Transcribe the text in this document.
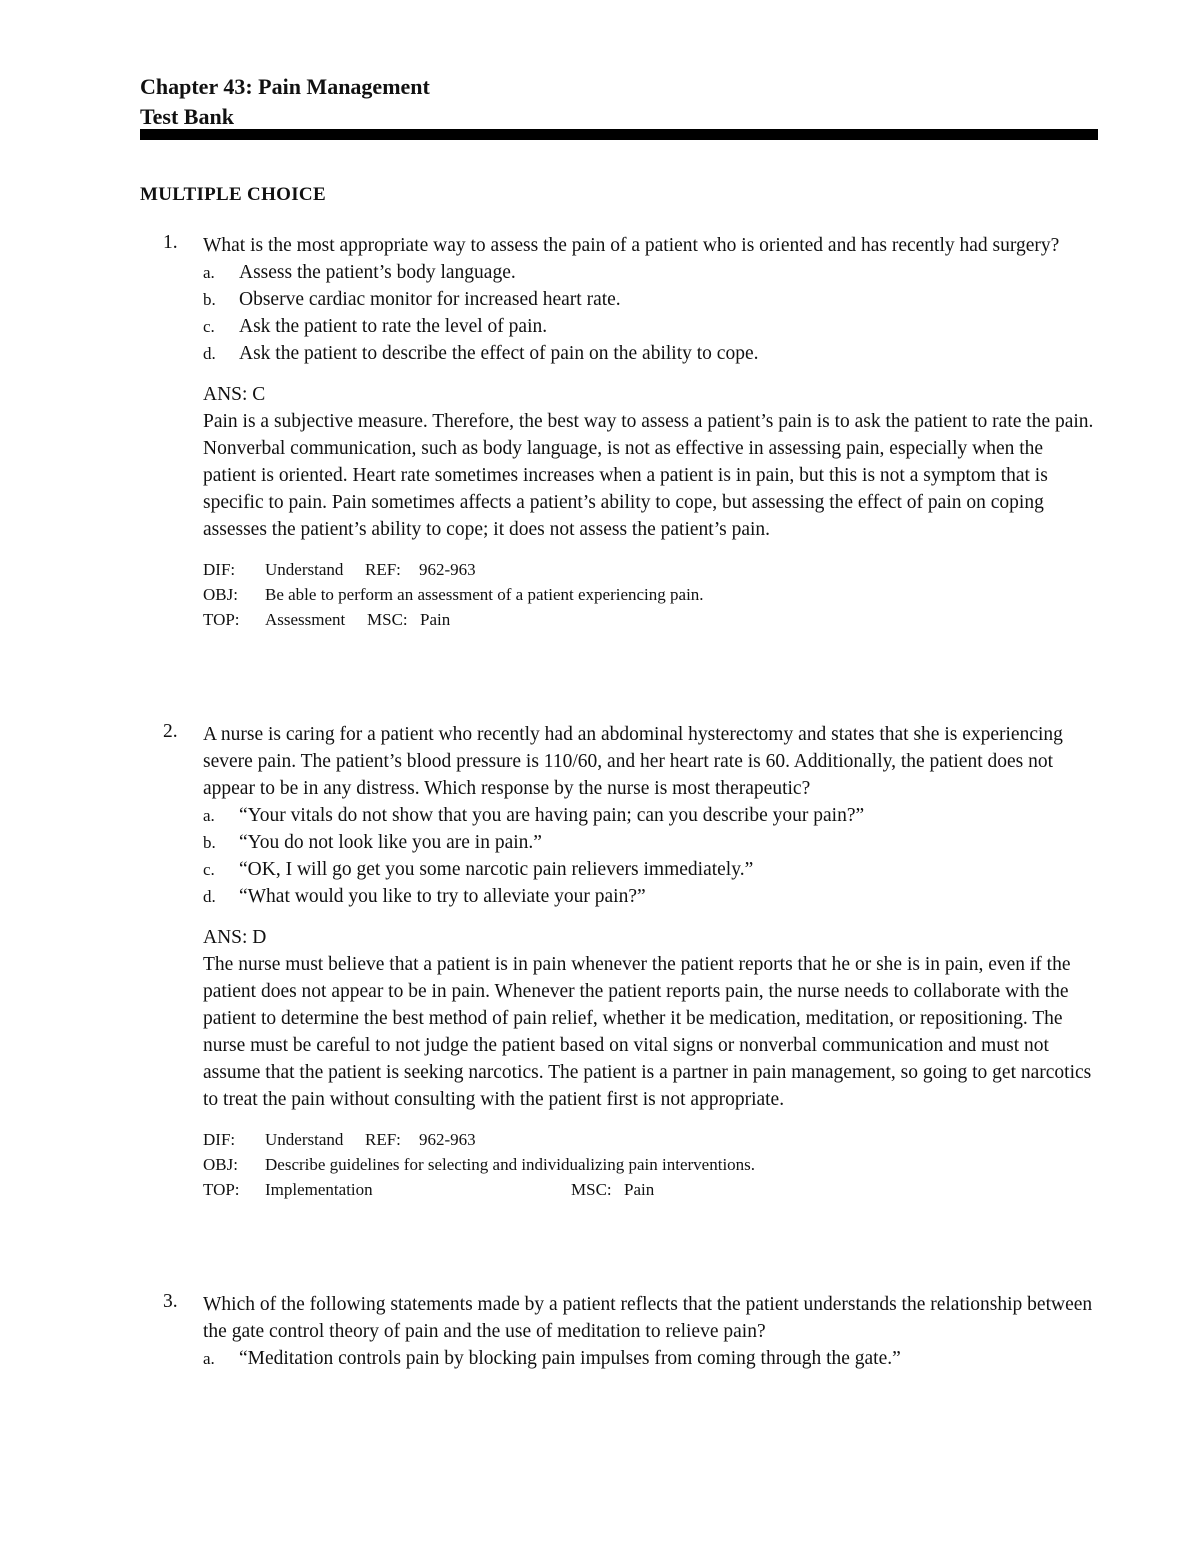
Chapter 43: Pain Management
Test Bank
MULTIPLE CHOICE
1.	What is the most appropriate way to assess the pain of a patient who is oriented and has recently had surgery?

a.	Assess the patient’s body language.
b.	Observe cardiac monitor for increased heart rate.
c.	Ask the patient to rate the level of pain.
d.	Ask the patient to describe the effect of pain on the ability to cope.

ANS: C

Pain is a subjective measure. Therefore, the best way to assess a patient’s pain is to ask the patient to rate the pain. Nonverbal communication, such as body language, is not as effective in assessing pain, especially when the patient is oriented. Heart rate sometimes increases when a patient is in pain, but this is not a symptom that is specific to pain. Pain sometimes affects a patient’s ability to cope, but assessing the effect of pain on coping assesses the patient’s ability to cope; it does not assess the patient’s pain.

DIF:	Understand	REF:	962-963
OBJ:	Be able to perform an assessment of a patient experiencing pain.
TOP:	Assessment	MSC: Pain
2.	A nurse is caring for a patient who recently had an abdominal hysterectomy and states that she is experiencing severe pain. The patient’s blood pressure is 110/60, and her heart rate is 60. Additionally, the patient does not appear to be in any distress. Which response by the nurse is most therapeutic?

a.	“Your vitals do not show that you are having pain; can you describe your pain?”
b.	“You do not look like you are in pain.”
c.	“OK, I will go get you some narcotic pain relievers immediately.”
d.	“What would you like to try to alleviate your pain?”

ANS: D

The nurse must believe that a patient is in pain whenever the patient reports that he or she is in pain, even if the patient does not appear to be in pain. Whenever the patient reports pain, the nurse needs to collaborate with the patient to determine the best method of pain relief, whether it be medication, meditation, or repositioning. The nurse must be careful to not judge the patient based on vital signs or nonverbal communication and must not assume that the patient is seeking narcotics. The patient is a partner in pain management, so going to get narcotics to treat the pain without consulting with the patient first is not appropriate.

DIF:	Understand	REF:	962-963
OBJ:	Describe guidelines for selecting and individualizing pain interventions.
TOP:	Implementation	MSC: Pain
3.	Which of the following statements made by a patient reflects that the patient understands the relationship between the gate control theory of pain and the use of meditation to relieve pain?

a.	“Meditation controls pain by blocking pain impulses from coming through the gate.”
